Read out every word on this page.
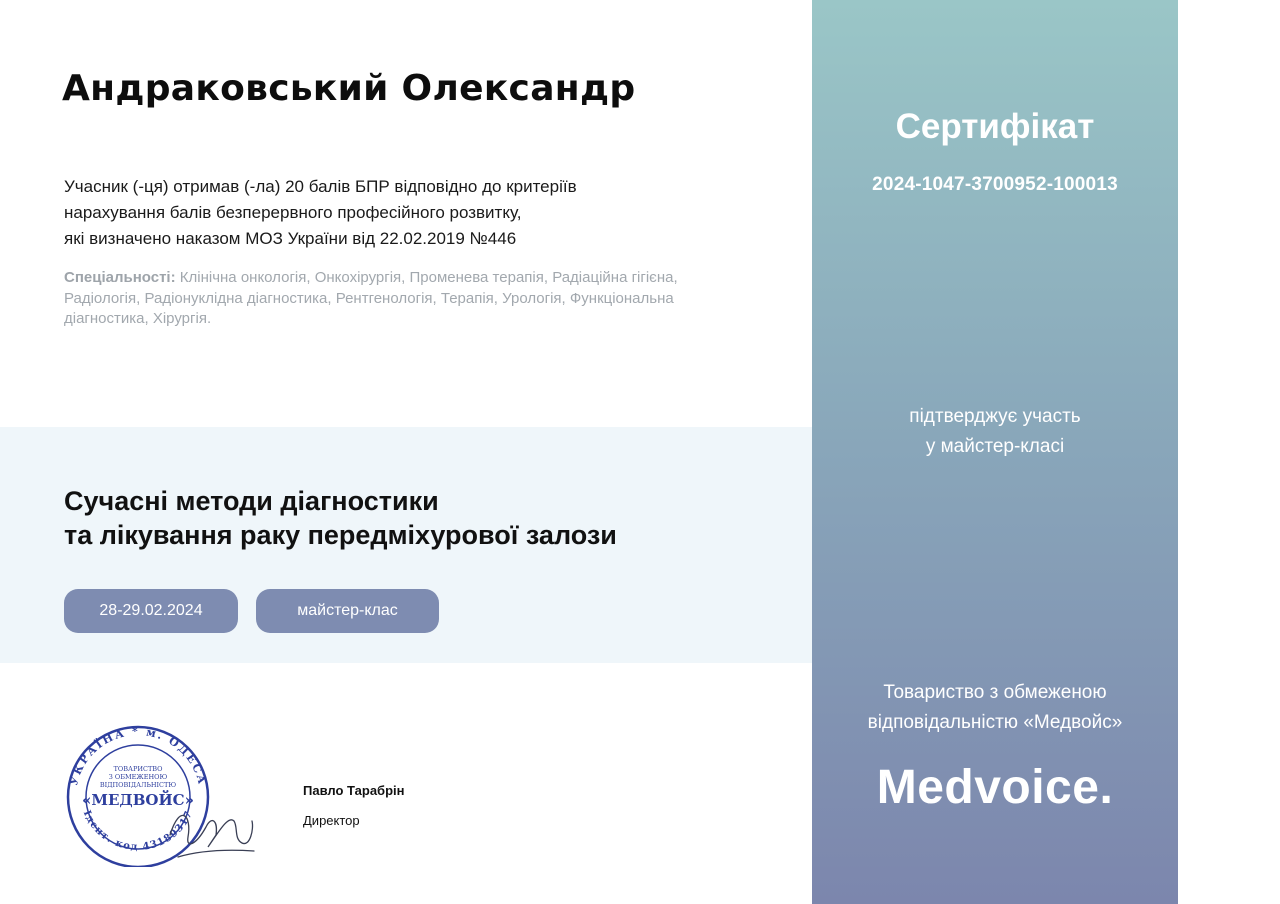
Андраковський Олександр
Учасник (-ця) отримав (-ла) 20 балів БПР відповідно до критеріїв
нарахування балів безперервного професійного розвитку,
які визначено наказом МОЗ України від 22.02.2019 №446
Спеціальності: Клінічна онкологія, Онкохірургія, Променева терапія, Радіаційна гігієна,
Радіологія, Радіонуклідна діагностика, Рентгенологія, Терапія, Урологія, Функціональна
діагностика, Хірургія.
Сучасні методи діагностики
та лікування раку передміхурової залози
28-29.02.2024	майстер-клас
УКРАЇНА * м. ОДЕСА
Ідент. код 43189317
ТОВАРИСТВО
З ОБМЕЖЕНОЮ
ВІДПОВІДАЛЬНІСТЮ
«МЕДВОЙС»
Павло Тарабрін
Директор
Сертифікат
2024-1047-3700952-100013
підтверджує участь
у майстер-класі
Товариство з обмеженою
відповідальністю «Медвойс»
Medvoice.
